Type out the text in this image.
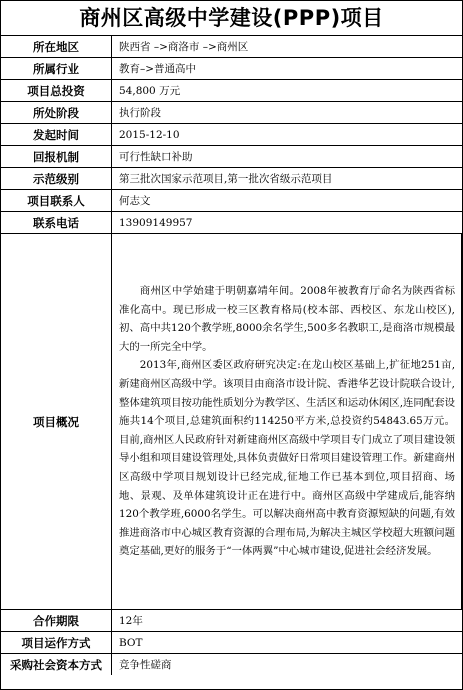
商州区高级中学建设(PPP)项目
所在地区	陕西省 –>商洛市 –>商州区
所属行业	教育–>普通高中
项目总投资	54,800 万元
所处阶段	执行阶段
发起时间	2015-12-10
回报机制	可行性缺口补助
示范级别	第三批次国家示范项目,第一批次省级示范项目
项目联系人	何志文
联系电话	13909149957
项目概况	商州区中学始建于明朝嘉靖年间。2008年被教育厅命名为陕西省标准化高中。现已形成一校三区教育格局(校本部、西校区、东龙山校区),初、高中共120个教学班,8000余名学生,500多名教职工,是商洛市规模最大的一所完全中学。

2013年,商州区委区政府研究决定:在龙山校区基础上,扩征地251亩,新建商州区高级中学。该项目由商洛市设计院、香港华艺设计院联合设计,整体建筑项目按功能性质划分为教学区、生活区和运动休闲区,连同配套设施共14个项目,总建筑面积约114250平方米,总投资约54843.65万元。目前,商州区人民政府针对新建商州区高级中学项目专门成立了项目建设领导小组和项目建设管理处,具体负责做好日常项目建设管理工作。新建商州区高级中学项目规划设计已经完成,征地工作已基本到位,项目招商、场地、景观、及单体建筑设计正在进行中。商州区高级中学建成后,能容纳120个教学班,6000名学生。可以解决商州高中教育资源短缺的问题,有效推进商洛市中心城区教育资源的合理布局,为解决主城区学校超大班额问题奠定基础,更好的服务于“一体两翼”中心城市建设,促进社会经济发展。

合作期限	12年
项目运作方式	BOT
采购社会资本方式	竞争性磋商
